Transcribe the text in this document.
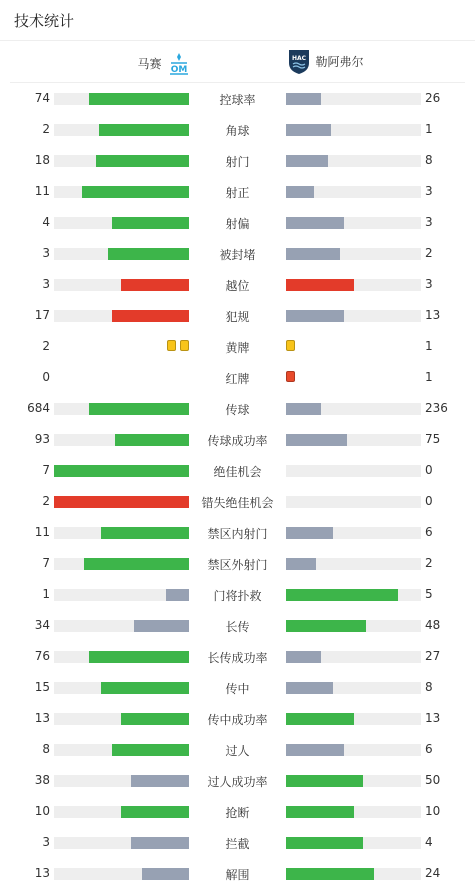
技术统计
马赛 OM
HAC 勒阿弗尔
74	控球率	26
2	角球	1
18	射门	8
11	射正	3
4	射偏	3
3	被封堵	2
3	越位	3
17	犯规	13
2	黄牌	1
0	红牌	1
684	传球	236
93	传球成功率	75
7	绝佳机会	0
2	错失绝佳机会	0
11	禁区内射门	6
7	禁区外射门	2
1	门将扑救	5
34	长传	48
76	长传成功率	27
15	传中	8
13	传中成功率	13
8	过人	6
38	过人成功率	50
10	抢断	10
3	拦截	4
13	解围	24
